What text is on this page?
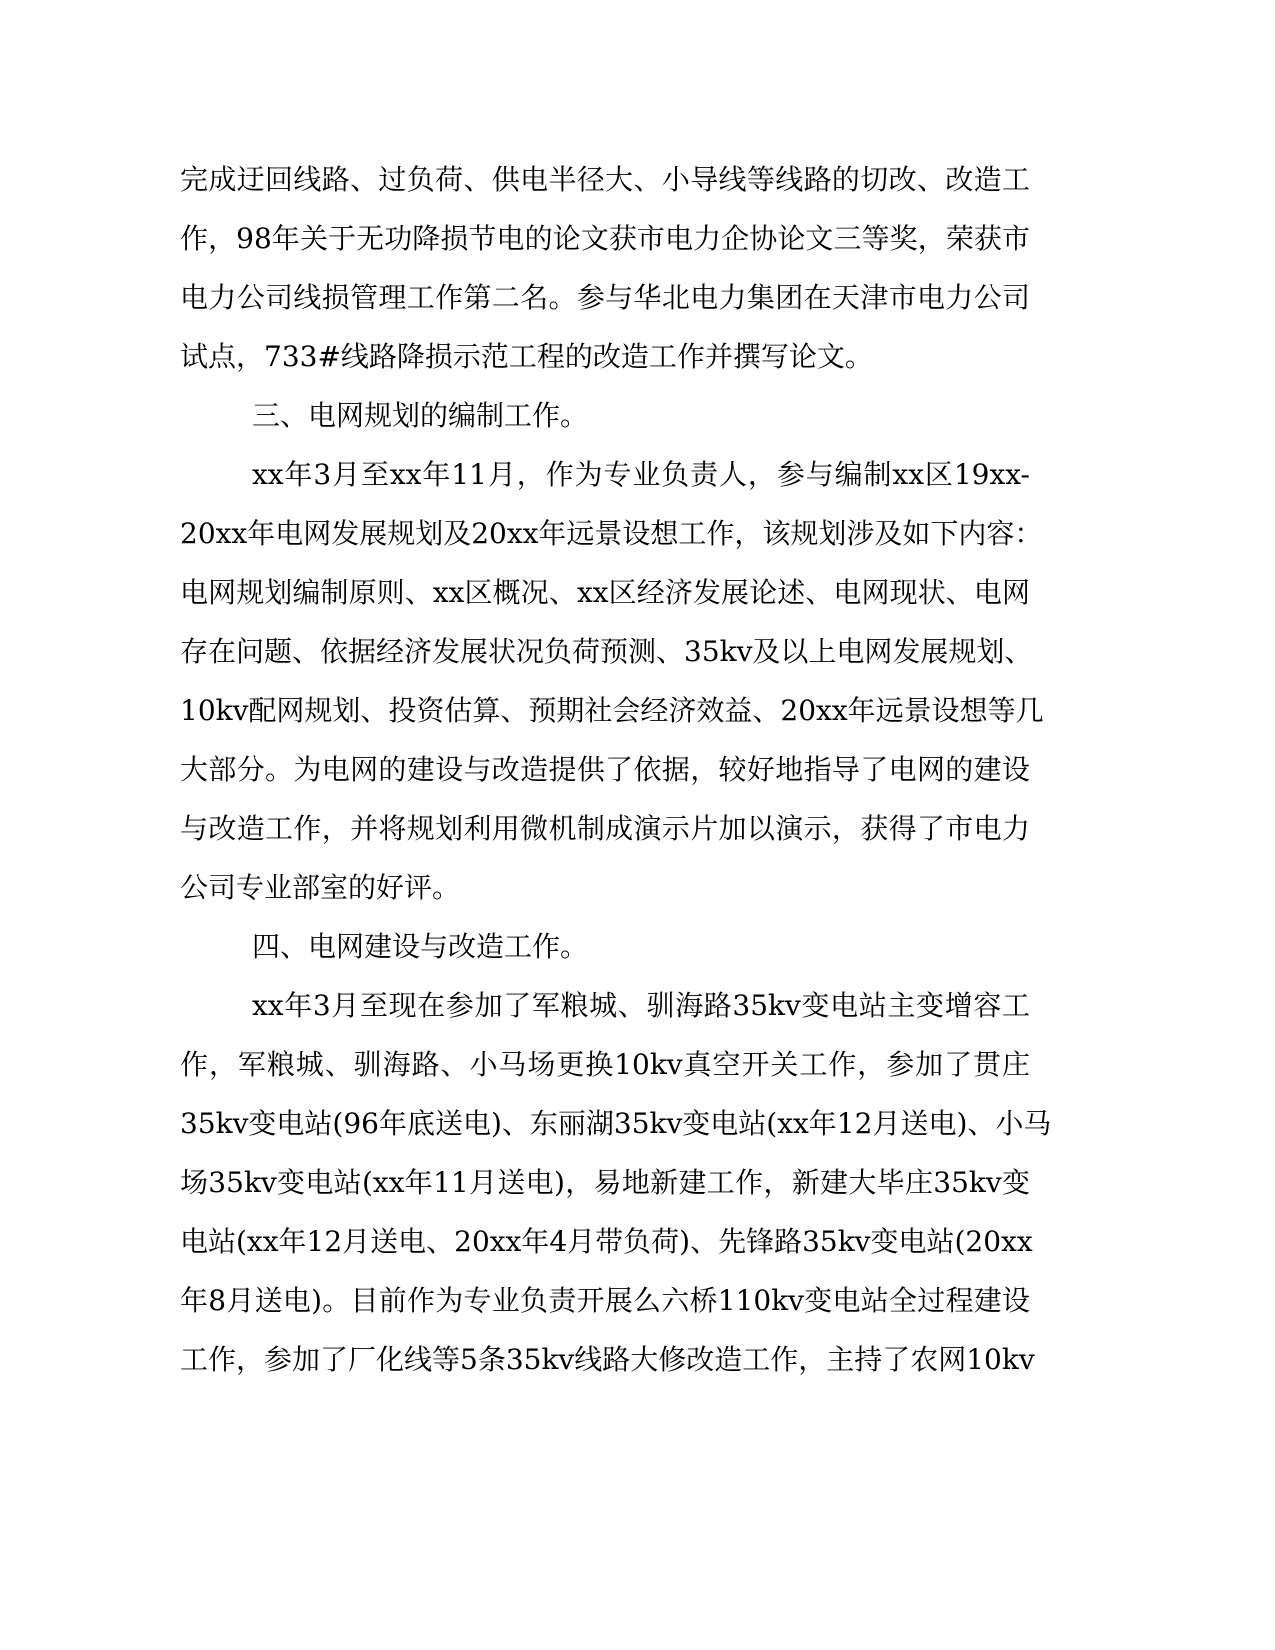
完成迂回线路、过负荷、供电半径大、小导线等线路的切改、改造工
作，98年关于无功降损节电的论文获市电力企协论文三等奖，荣获市
电力公司线损管理工作第二名。参与华北电力集团在天津市电力公司
试点，733#线路降损示范工程的改造工作并撰写论文。
三、电网规划的编制工作。
xx年3月至xx年11月，作为专业负责人，参与编制xx区19xx-
20xx年电网发展规划及20xx年远景设想工作，该规划涉及如下内容：
电网规划编制原则、xx区概况、xx区经济发展论述、电网现状、电网
存在问题、依据经济发展状况负荷预测、35kv及以上电网发展规划、
10kv配网规划、投资估算、预期社会经济效益、20xx年远景设想等几
大部分。为电网的建设与改造提供了依据，较好地指导了电网的建设
与改造工作，并将规划利用微机制成演示片加以演示，获得了市电力
公司专业部室的好评。
四、电网建设与改造工作。
xx年3月至现在参加了军粮城、驯海路35kv变电站主变增容工
作，军粮城、驯海路、小马场更换10kv真空开关工作，参加了贯庄
35kv变电站(96年底送电)、东丽湖35kv变电站(xx年12月送电)、小马
场35kv变电站(xx年11月送电)，易地新建工作，新建大毕庄35kv变
电站(xx年12月送电、20xx年4月带负荷)、先锋路35kv变电站(20xx
年8月送电)。目前作为专业负责开展么六桥110kv变电站全过程建设
工作，参加了厂化线等5条35kv线路大修改造工作，主持了农网10kv
